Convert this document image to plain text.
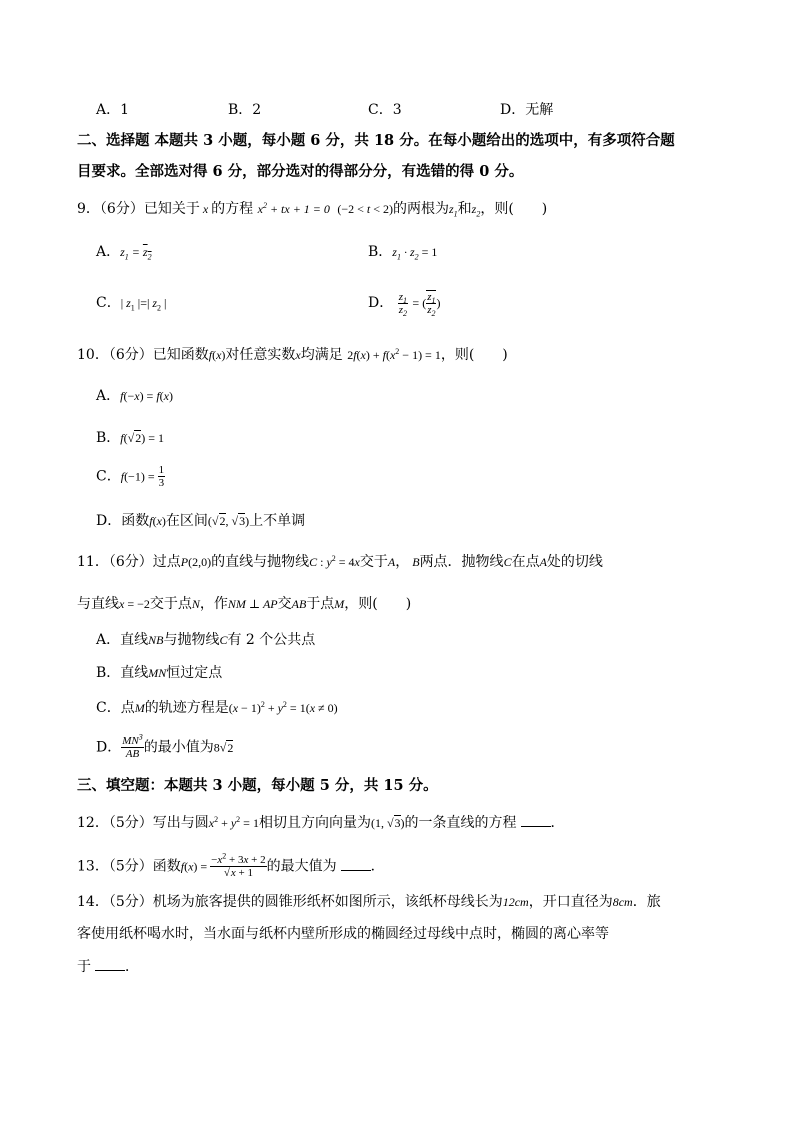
A．1	B．2	C．3	D．无解
二、选择题 本题共 3 小题，每小题 6 分，共 18 分。在每小题给出的选项中，有多项符合题
目要求。全部选对得 6 分，部分选对的得部分分，有选错的得 0 分。
9．（6分）已知关于 x 的方程 $x^2$ + tx + 1 = 0  (−2 < t < 2)的两根为$z_1$和$z_2$，则(　　)
A．$z_1 = z_2$	B．$z_1 \cdot z_2 = 1$
C．| $z_1$ |=| $z_2$ |	D． $\frac{z_1}{z_2}$ = ( $\frac{z_1}{z_2}$ )
10．（6分）已知函数f(x)对任意实数x均满足 $2f(x) + f(x^2 - 1) = 1$，则(　　)
A．f(−x) = f(x)
B．f(√2) = 1
C．$f(-1) = \frac{1}{3}$
D．函数f(x)在区间(√2, √3)上不单调
11．（6分）过点P(2,0)的直线与抛物线C : $y^2 = 4x$交于A， B两点．抛物线C在点A处的切线
与直线x = −2交于点N，作NM ⊥ AP交AB于点M，则(　　)
A．直线NB与抛物线C有 2 个公共点
B．直线MN恒过定点
C．点M的轨迹方程是$(x - 1)^2 + y^2 = 1(x \ne 0)$
D． $\frac{MN^3}{AB}$ 的最小值为8√2
三、填空题：本题共 3 小题，每小题 5 分，共 15 分。
12．（5分）写出与圆$x^2 + y^2 = 1$相切且方向向量为(1, √3)的一条直线的方程 ．
13．（5分）函数$f(x) = \frac{-x^2 + 3x + 2}{√x + 1}$ 的最大值为 ．
14．（5分）机场为旅客提供的圆锥形纸杯如图所示，该纸杯母线长为12cm，开口直径为8cm．旅
客使用纸杯喝水时，当水面与纸杯内壁所形成的椭圆经过母线中点时，椭圆的离心率等
于 ．
